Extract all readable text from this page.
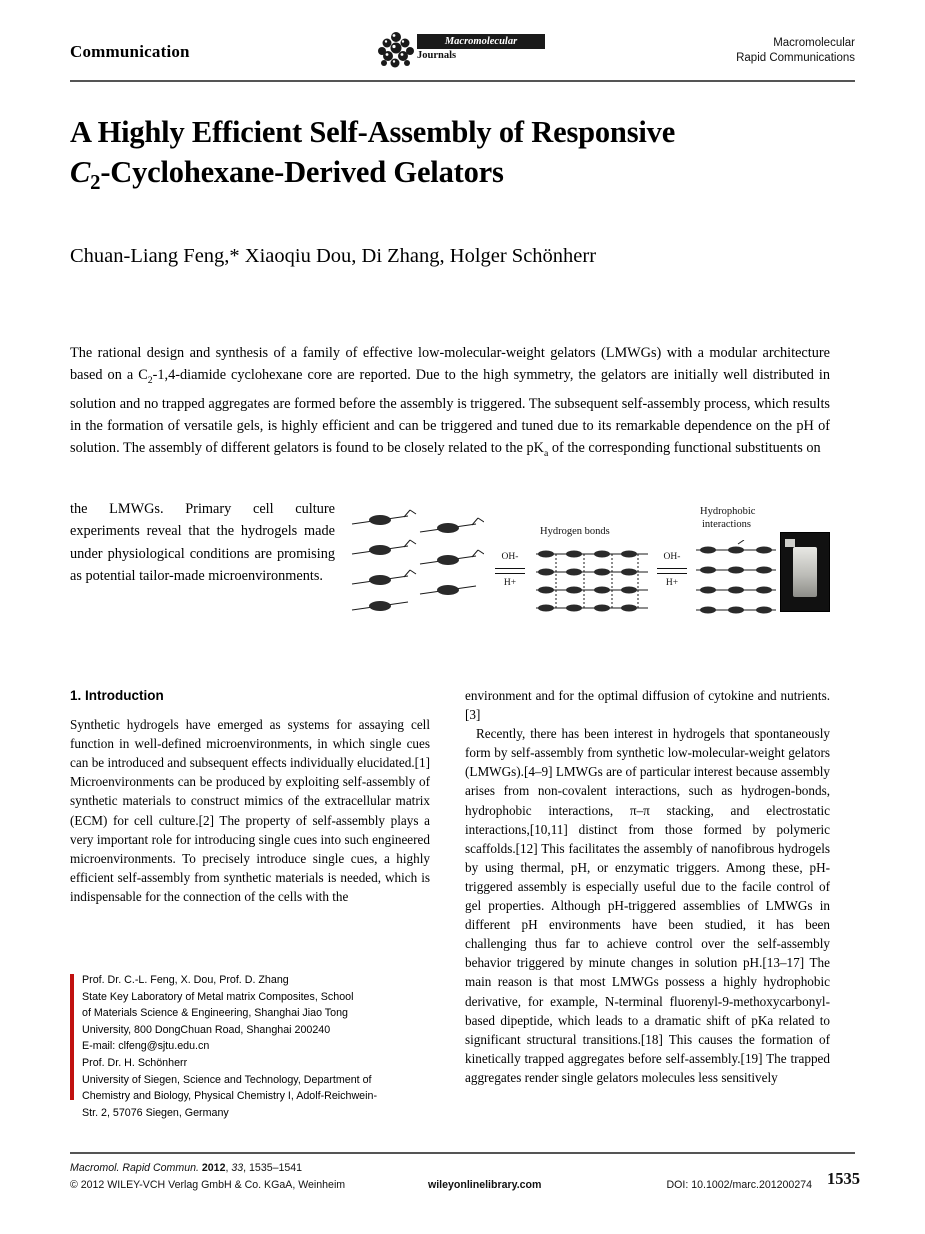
Communication
Macromolecular
Journals
Macromolecular
Rapid Communications
A Highly Efficient Self-Assembly of Responsive
$C_2-Cyclohexane$-Derived Gelators
Chuan-Liang Feng,* Xiaoqiu Dou, Di Zhang, Holger Schönherr
The rational design and synthesis of a family of effective low-molecular-weight gelators (LMWGs) with a modular architecture based on a $C_2-1,4$-diamide cyclohexane core are reported. Due to the high symmetry, the gelators are initially well distributed in solution and no trapped aggregates are formed before the assembly is triggered. The subsequent self-assembly process, which results in the formation of versatile gels, is highly efficient and can be triggered and tuned due to its remarkable dependence on the pH of solution. The assembly of different gelators is found to be closely related to the $pK_a$ of the corresponding functional substituents on
the LMWGs. Primary cell culture experiments reveal that the hydrogels made under physiological conditions are promising as potential tailor-made microenvironments.
OH-
H+
Hydrogen bonds
OH-
H+
Hydrophobic
interactions
1. Introduction

Synthetic hydrogels have emerged as systems for assaying cell function in well-defined microenvironments, in which single cues can be introduced and subsequent effects individually elucidated.[1] Microenvironments can be produced by exploiting self-assembly of synthetic materials to construct mimics of the extracellular matrix (ECM) for cell culture.[2] The property of self-assembly plays a very important role for introducing single cues into such engineered microenvironments. To precisely introduce single cues, a highly efficient self-assembly from synthetic materials is needed, which is indispensable for the connection of the cells with the

environment and for the optimal diffusion of cytokine and nutrients.[3]

Recently, there has been interest in hydrogels that spontaneously form by self-assembly from synthetic low-molecular-weight gelators (LMWGs).[4–9] LMWGs are of particular interest because assembly arises from non-covalent interactions, such as hydrogen-bonds, hydrophobic interactions, π–π stacking, and electrostatic interactions,[10,11] distinct from those formed by polymeric scaffolds.[12] This facilitates the assembly of nanofibrous hydrogels by using thermal, pH, or enzymatic triggers. Among these, pH-triggered assembly is especially useful due to the facile control of gel properties. Although pH-triggered assemblies of LMWGs in different pH environments have been studied, it has been challenging thus far to achieve control over the self-assembly behavior triggered by minute changes in solution pH.[13–17] The main reason is that most LMWGs possess a highly hydrophobic derivative, for example, N-terminal fluorenyl-9-methoxycarbonyl-based dipeptide, which leads to a dramatic shift of pKa related to significant structural transitions.[18] This causes the formation of kinetically trapped aggregates before self-assembly.[19] The trapped aggregates render single gelators molecules less sensitively

Prof. Dr. C.-L. Feng, X. Dou, Prof. D. Zhang
State Key Laboratory of Metal matrix Composites, School
of Materials Science & Engineering, Shanghai Jiao Tong
University, 800 DongChuan Road, Shanghai 200240
E-mail: clfeng@sjtu.edu.cn
Prof. Dr. H. Schönherr
University of Siegen, Science and Technology, Department of
Chemistry and Biology, Physical Chemistry I, Adolf-Reichwein-
Str. 2, 57076 Siegen, Germany
Macromol. Rapid Commun. 2012, 33, 1535–1541
© 2012 WILEY-VCH Verlag GmbH & Co. KGaA, Weinheim	wileyonlinelibrary.com	DOI: 10.1002/marc.201200274 1535
